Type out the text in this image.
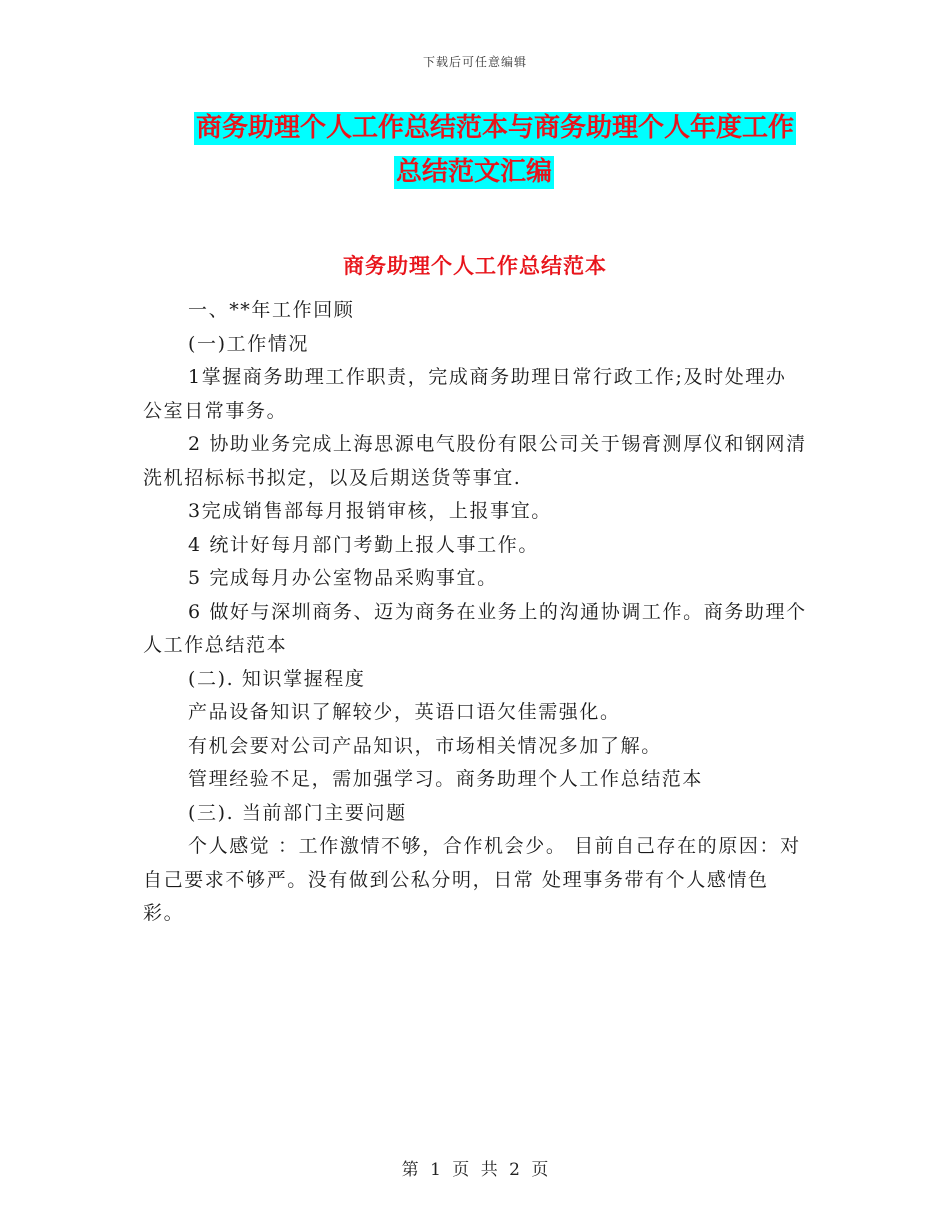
下载后可任意编辑
商务助理个人工作总结范本与商务助理个人年度工作
总结范文汇编
商务助理个人工作总结范本

一、**年工作回顾

(一)工作情况

1掌握商务助理工作职责，完成商务助理日常行政工作;及时处理办公室日常事务。

2 协助业务完成上海思源电气股份有限公司关于锡膏测厚仪和钢网清洗机招标标书拟定，以及后期送货等事宜.

3完成销售部每月报销审核，上报事宜。

4 统计好每月部门考勤上报人事工作。

5 完成每月办公室物品采购事宜。

6 做好与深圳商务、迈为商务在业务上的沟通协调工作。商务助理个人工作总结范本

(二). 知识掌握程度

产品设备知识了解较少，英语口语欠佳需强化。

有机会要对公司产品知识，市场相关情况多加了解。

管理经验不足，需加强学习。商务助理个人工作总结范本

(三). 当前部门主要问题

个人感觉 ：工作激情不够，合作机会少。 目前自己存在的原因：对自己要求不够严。没有做到公私分明，日常 处理事务带有个人感情色彩。

第 1 页 共 2 页
